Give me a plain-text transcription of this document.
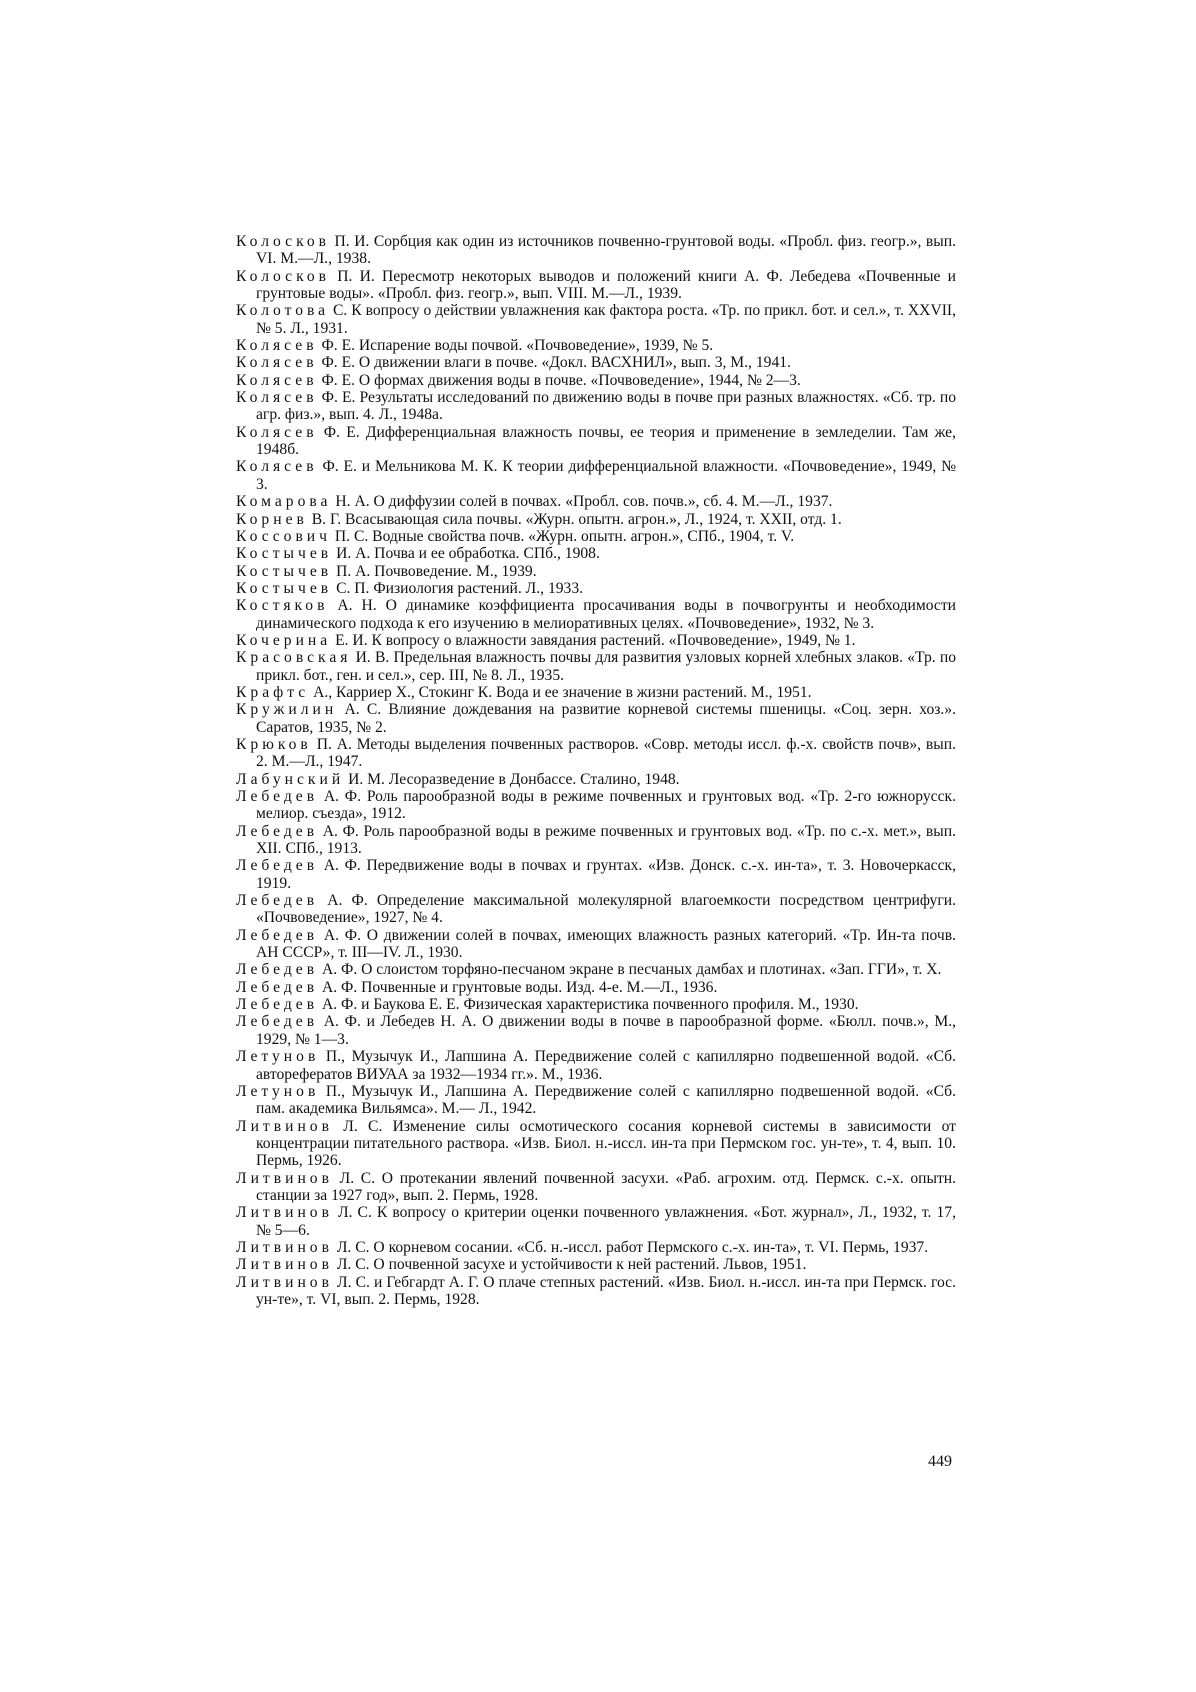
Колосков П. И. Сорбция как один из источников почвенно-грунтовой воды. «Пробл. физ. геогр.», вып. VI. М.—Л., 1938.

Колосков П. И. Пересмотр некоторых выводов и положений книги А. Ф. Лебедева «Почвенные и грунтовые воды». «Пробл. физ. геогр.», вып. VIII. М.—Л., 1939.

Колотова С. К вопросу о действии увлажнения как фактора роста. «Тр. по прикл. бот. и сел.», т. XXVII, № 5. Л., 1931.

Колясев Ф. Е. Испарение воды почвой. «Почвоведение», 1939, № 5.

Колясев Ф. Е. О движении влаги в почве. «Докл. ВАСХНИЛ», вып. 3, М., 1941.

Колясев Ф. Е. О формах движения воды в почве. «Почвоведение», 1944, № 2—3.

Колясев Ф. Е. Результаты исследований по движению воды в почве при разных влажностях. «Сб. тр. по агр. физ.», вып. 4. Л., 1948а.

Колясев Ф. Е. Дифференциальная влажность почвы, ее теория и применение в земледелии. Там же, 1948б.

Колясев Ф. Е. и Мельникова М. К. К теории дифференциальной влажности. «Почвоведение», 1949, № 3.

Комарова Н. А. О диффузии солей в почвах. «Пробл. сов. почв.», сб. 4. М.—Л., 1937.

Корнев В. Г. Всасывающая сила почвы. «Журн. опытн. агрон.», Л., 1924, т. XXII, отд. 1.

Коссович П. С. Водные свойства почв. «Журн. опытн. агрон.», СПб., 1904, т. V.

Костычев И. А. Почва и ее обработка. СПб., 1908.

Костычев П. А. Почвоведение. М., 1939.

Костычев С. П. Физиология растений. Л., 1933.

Костяков А. Н. О динамике коэффициента просачивания воды в почвогрунты и необходимости динамического подхода к его изучению в мелиоративных целях. «Почвоведение», 1932, № 3.

Кочерина Е. И. К вопросу о влажности завядания растений. «Почвоведение», 1949, № 1.

Красовская И. В. Предельная влажность почвы для развития узловых корней хлебных злаков. «Тр. по прикл. бот., ген. и сел.», сер. III, № 8. Л., 1935.

Крафтс А., Карриер Х., Стокинг К. Вода и ее значение в жизни растений. М., 1951.

Кружилин А. С. Влияние дождевания на развитие корневой системы пшеницы. «Соц. зерн. хоз.». Саратов, 1935, № 2.

Крюков П. А. Методы выделения почвенных растворов. «Совр. методы иссл. ф.-х. свойств почв», вып. 2. М.—Л., 1947.

Лабунский И. М. Лесоразведение в Донбассе. Сталино, 1948.

Лебедев А. Ф. Роль парообразной воды в режиме почвенных и грунтовых вод. «Тр. 2-го южнорусск. мелиор. съезда», 1912.

Лебедев А. Ф. Роль парообразной воды в режиме почвенных и грунтовых вод. «Тр. по с.-х. мет.», вып. XII. СПб., 1913.

Лебедев А. Ф. Передвижение воды в почвах и грунтах. «Изв. Донск. с.-х. ин-та», т. 3. Новочеркасск, 1919.

Лебедев А. Ф. Определение максимальной молекулярной влагоемкости посредством центрифуги. «Почвоведение», 1927, № 4.

Лебедев А. Ф. О движении солей в почвах, имеющих влажность разных категорий. «Тр. Ин-та почв. АН СССР», т. III—IV. Л., 1930.

Лебедев А. Ф. О слоистом торфяно-песчаном экране в песчаных дамбах и плотинах. «Зап. ГГИ», т. X.

Лебедев А. Ф. Почвенные и грунтовые воды. Изд. 4-е. М.—Л., 1936.

Лебедев А. Ф. и Баукова Е. Е. Физическая характеристика почвенного профиля. М., 1930.

Лебедев А. Ф. и Лебедев Н. А. О движении воды в почве в парообразной форме. «Бюлл. почв.», М., 1929, № 1—3.

Летунов П., Музычук И., Лапшина А. Передвижение солей с капиллярно подвешенной водой. «Сб. авторефератов ВИУАА за 1932—1934 гг.». М., 1936.

Летунов П., Музычук И., Лапшина А. Передвижение солей с капиллярно подвешенной водой. «Сб. пам. академика Вильямса». М.— Л., 1942.

Литвинов Л. С. Изменение силы осмотического сосания корневой системы в зависимости от концентрации питательного раствора. «Изв. Биол. н.-иссл. ин-та при Пермском гос. ун-те», т. 4, вып. 10. Пермь, 1926.

Литвинов Л. С. О протекании явлений почвенной засухи. «Раб. агрохим. отд. Пермск. с.-х. опытн. станции за 1927 год», вып. 2. Пермь, 1928.

Литвинов Л. С. К вопросу о критерии оценки почвенного увлажнения. «Бот. журнал», Л., 1932, т. 17, № 5—6.

Литвинов Л. С. О корневом сосании. «Сб. н.-иссл. работ Пермского с.-х. ин-та», т. VI. Пермь, 1937.

Литвинов Л. С. О почвенной засухе и устойчивости к ней растений. Львов, 1951.

Литвинов Л. С. и Гебгардт А. Г. О плаче степных растений. «Изв. Биол. н.-иссл. ин-та при Пермск. гос. ун-те», т. VI, вып. 2. Пермь, 1928.

449
